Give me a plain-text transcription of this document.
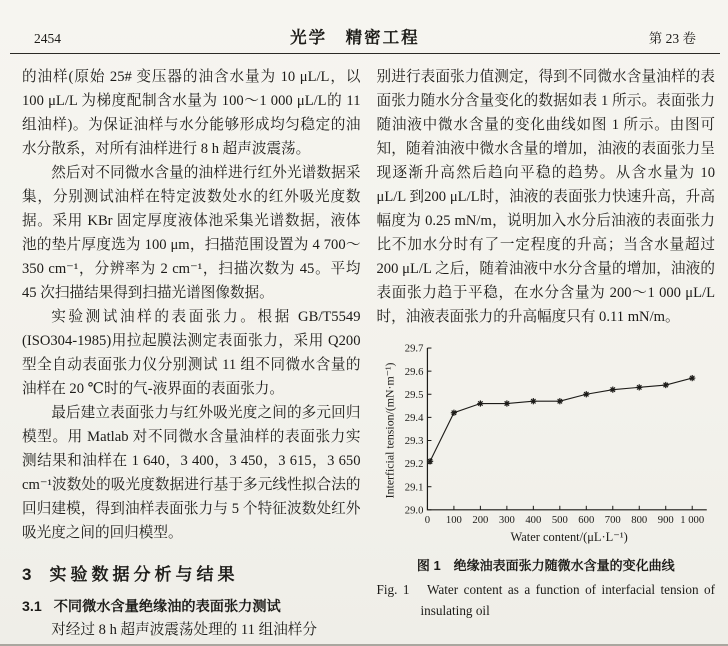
2454	光学　精密工程	第 23 卷

的油样(原始 25# 变压器的油含水量为 10 μL/L，以 100 μL/L 为梯度配制含水量为 100～1 000 μL/L的 11 组油样)。为保证油样与水分能够形成均匀稳定的油水分散系，对所有油样进行 8 h 超声波震荡。

然后对不同微水含量的油样进行红外光谱数据采集，分别测试油样在特定波数处水的红外吸光度数据。采用 KBr 固定厚度液体池采集光谱数据，液体池的垫片厚度选为 100 μm，扫描范围设置为 4 700～350 cm⁻¹，分辨率为 2 cm⁻¹，扫描次数为 45。平均 45 次扫描结果得到扫描光谱图像数据。

实验测试油样的表面张力。根据 GB/T5549 (ISO304-1985)用拉起膜法测定表面张力，采用 Q200 型全自动表面张力仪分别测试 11 组不同微水含量的油样在 20 ℃时的气-液界面的表面张力。

最后建立表面张力与红外吸光度之间的多元回归模型。用 Matlab 对不同微水含量油样的表面张力实测结果和油样在 1 640，3 400，3 450，3 615，3 650 cm⁻¹波数处的吸光度数据进行基于多元线性拟合法的回归建模，得到油样表面张力与 5 个特征波数处红外吸光度之间的回归模型。

3 实验数据分析与结果
3.1 不同微水含量绝缘油的表面张力测试

对经过 8 h 超声波震荡处理的 11 组油样分

别进行表面张力值测定，得到不同微水含量油样的表面张力随水分含量变化的数据如表 1 所示。表面张力随油液中微水含量的变化曲线如图 1 所示。由图可知，随着油液中微水含量的增加，油液的表面张力呈现逐渐升高然后趋向平稳的趋势。从含水量为 10 μL/L 到200 μL/L时，油液的表面张力快速升高，升高幅度为 0.25 mN/m，说明加入水分后油液的表面张力比不加水分时有了一定程度的升高；当含水量超过 200 μL/L 之后，随着油液中水分含量的增加，油液的表面张力趋于平稳，在水分含量为 200～1 000 μL/L 时，油液表面张力的升高幅度只有 0.11 mN/m。

Interficial tension/(mN·m⁻¹)
Water content/(μL·L⁻¹)
29.0
29.1
29.2
29.3
29.4
29.5
29.6
29.7
0 100 200 300 400 500 600 700 800 900 1 000
图 1　绝缘油表面张力随微水含量的变化曲线
Fig. 1　Water content as a function of interfacial tension of insulating oil
